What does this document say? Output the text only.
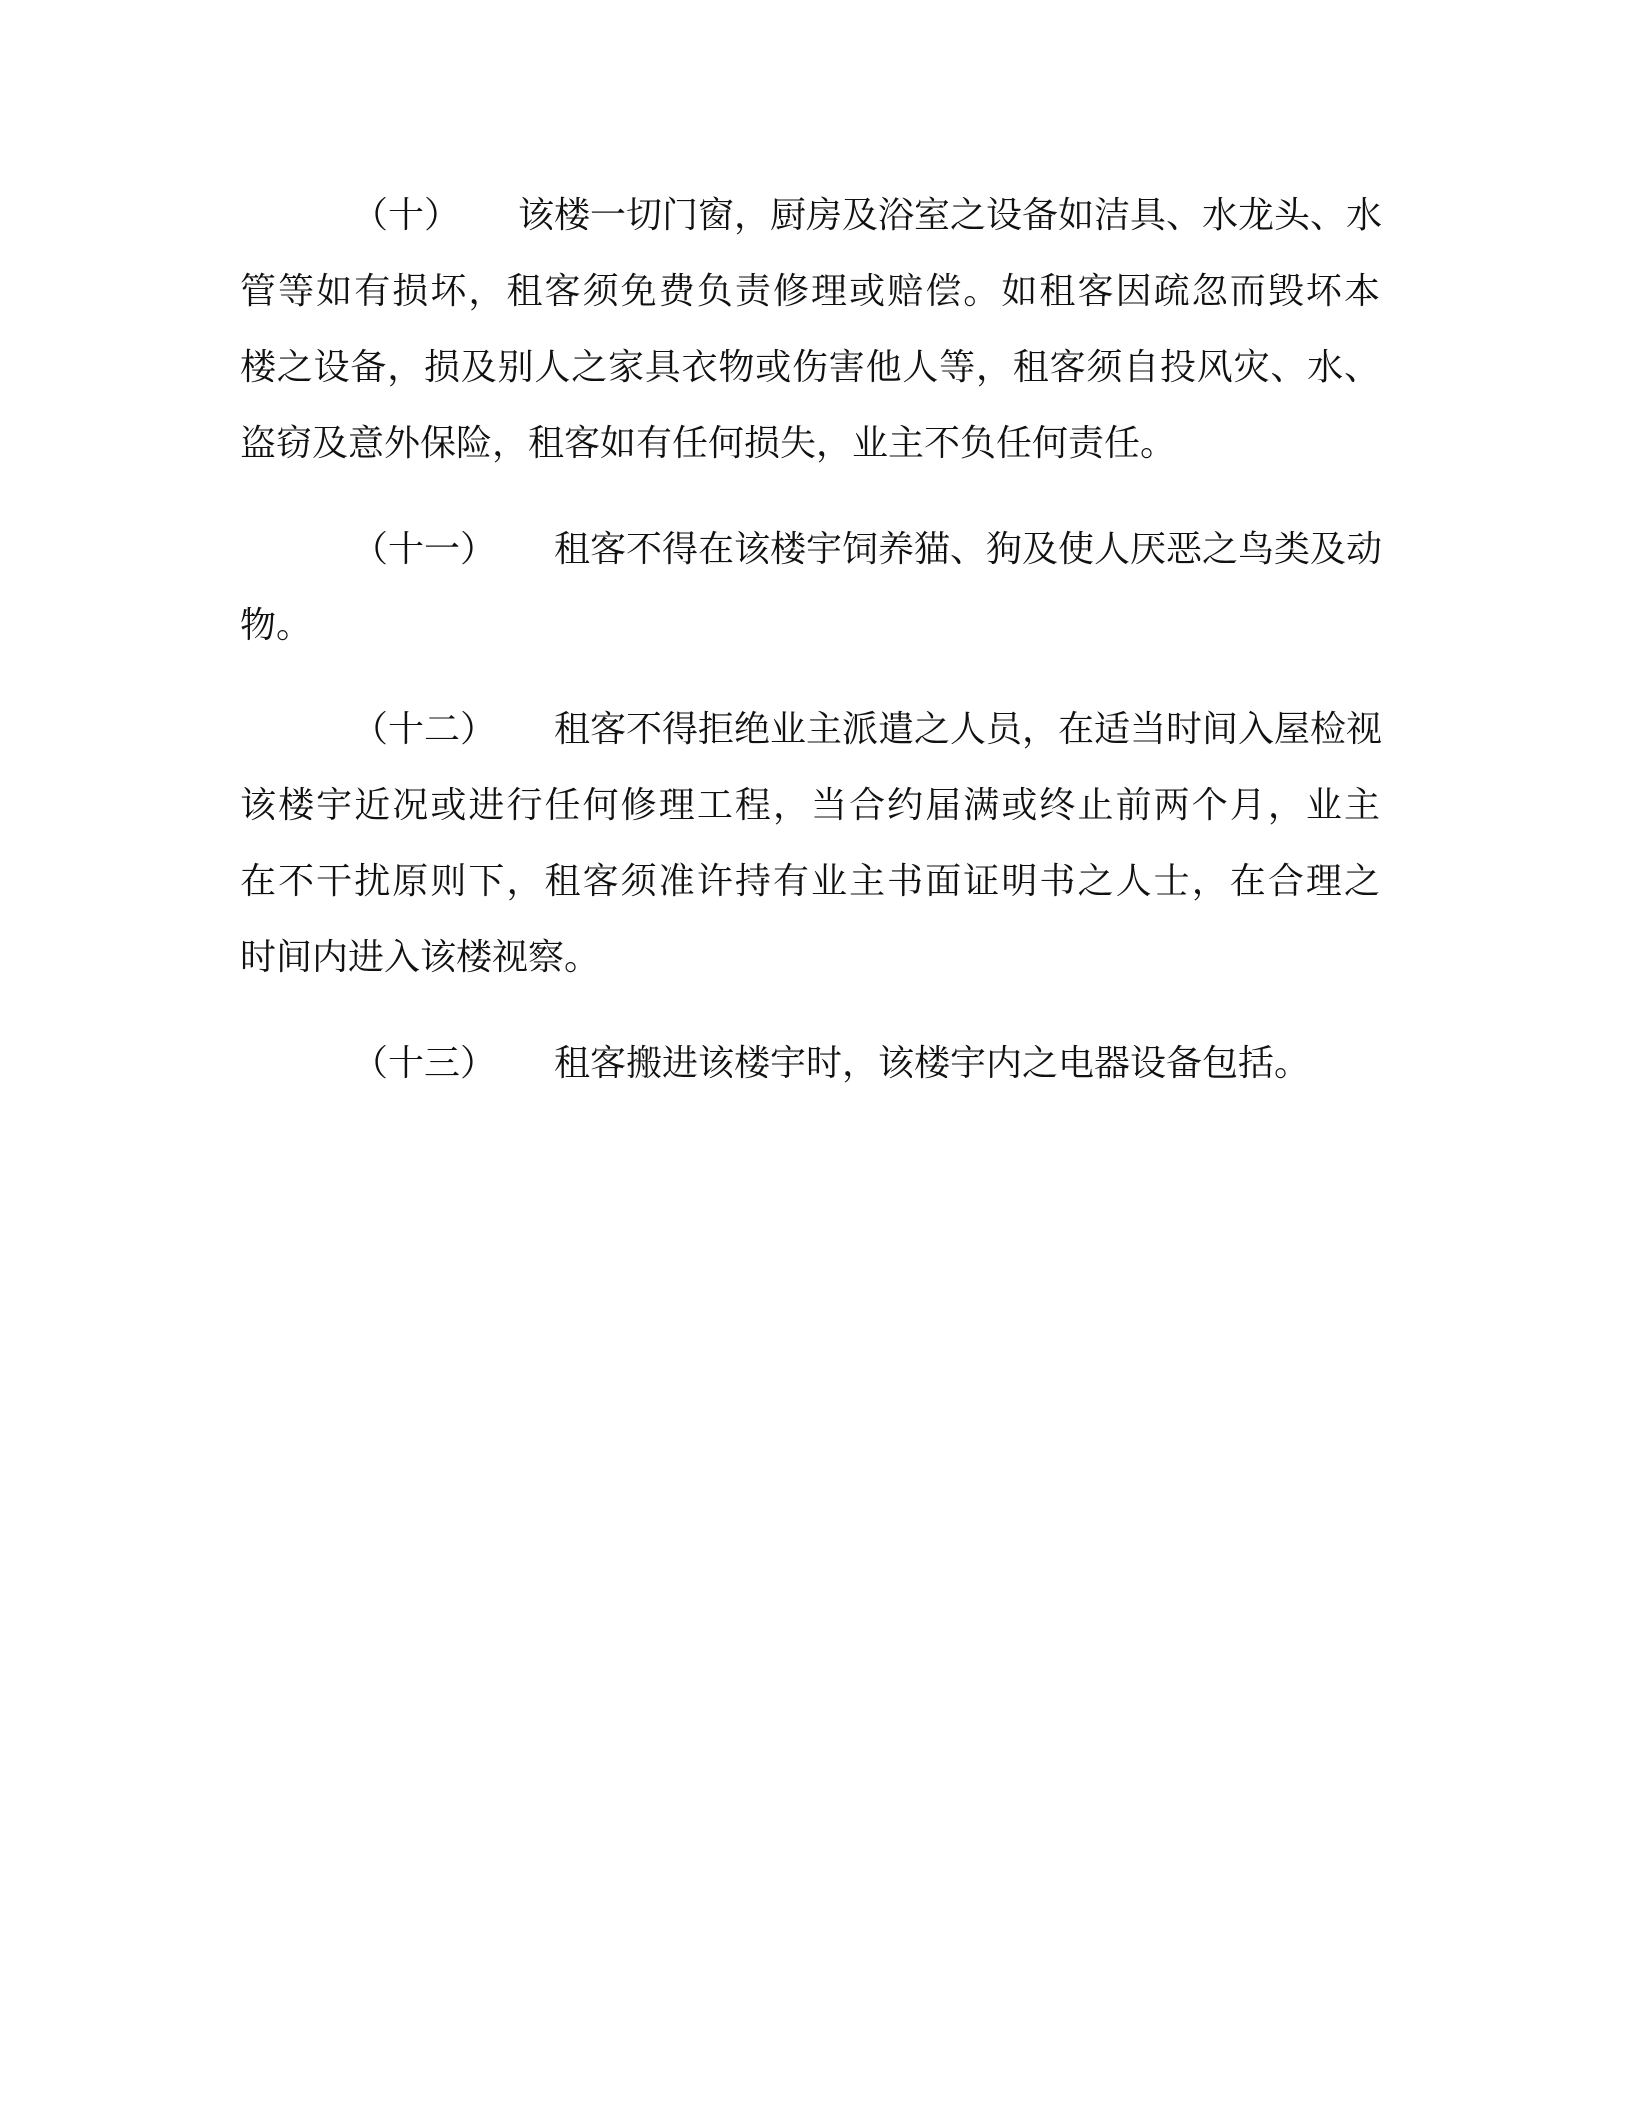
（十） 该楼一切门窗，厨房及浴室之设备如洁具、水龙头、水
管等如有损坏，租客须免费负责修理或赔偿。如租客因疏忽而毁坏本
楼之设备，损及别人之家具衣物或伤害他人等，租客须自投风灾、水、
盗窃及意外保险，租客如有任何损失，业主不负任何责任。
（十一） 租客不得在该楼宇饲养猫、狗及使人厌恶之鸟类及动
物。
（十二） 租客不得拒绝业主派遣之人员，在适当时间入屋检视
该楼宇近况或进行任何修理工程，当合约届满或终止前两个月，业主
在不干扰原则下，租客须准许持有业主书面证明书之人士，在合理之
时间内进入该楼视察。
（十三） 租客搬进该楼宇时，该楼宇内之电器设备包括。
